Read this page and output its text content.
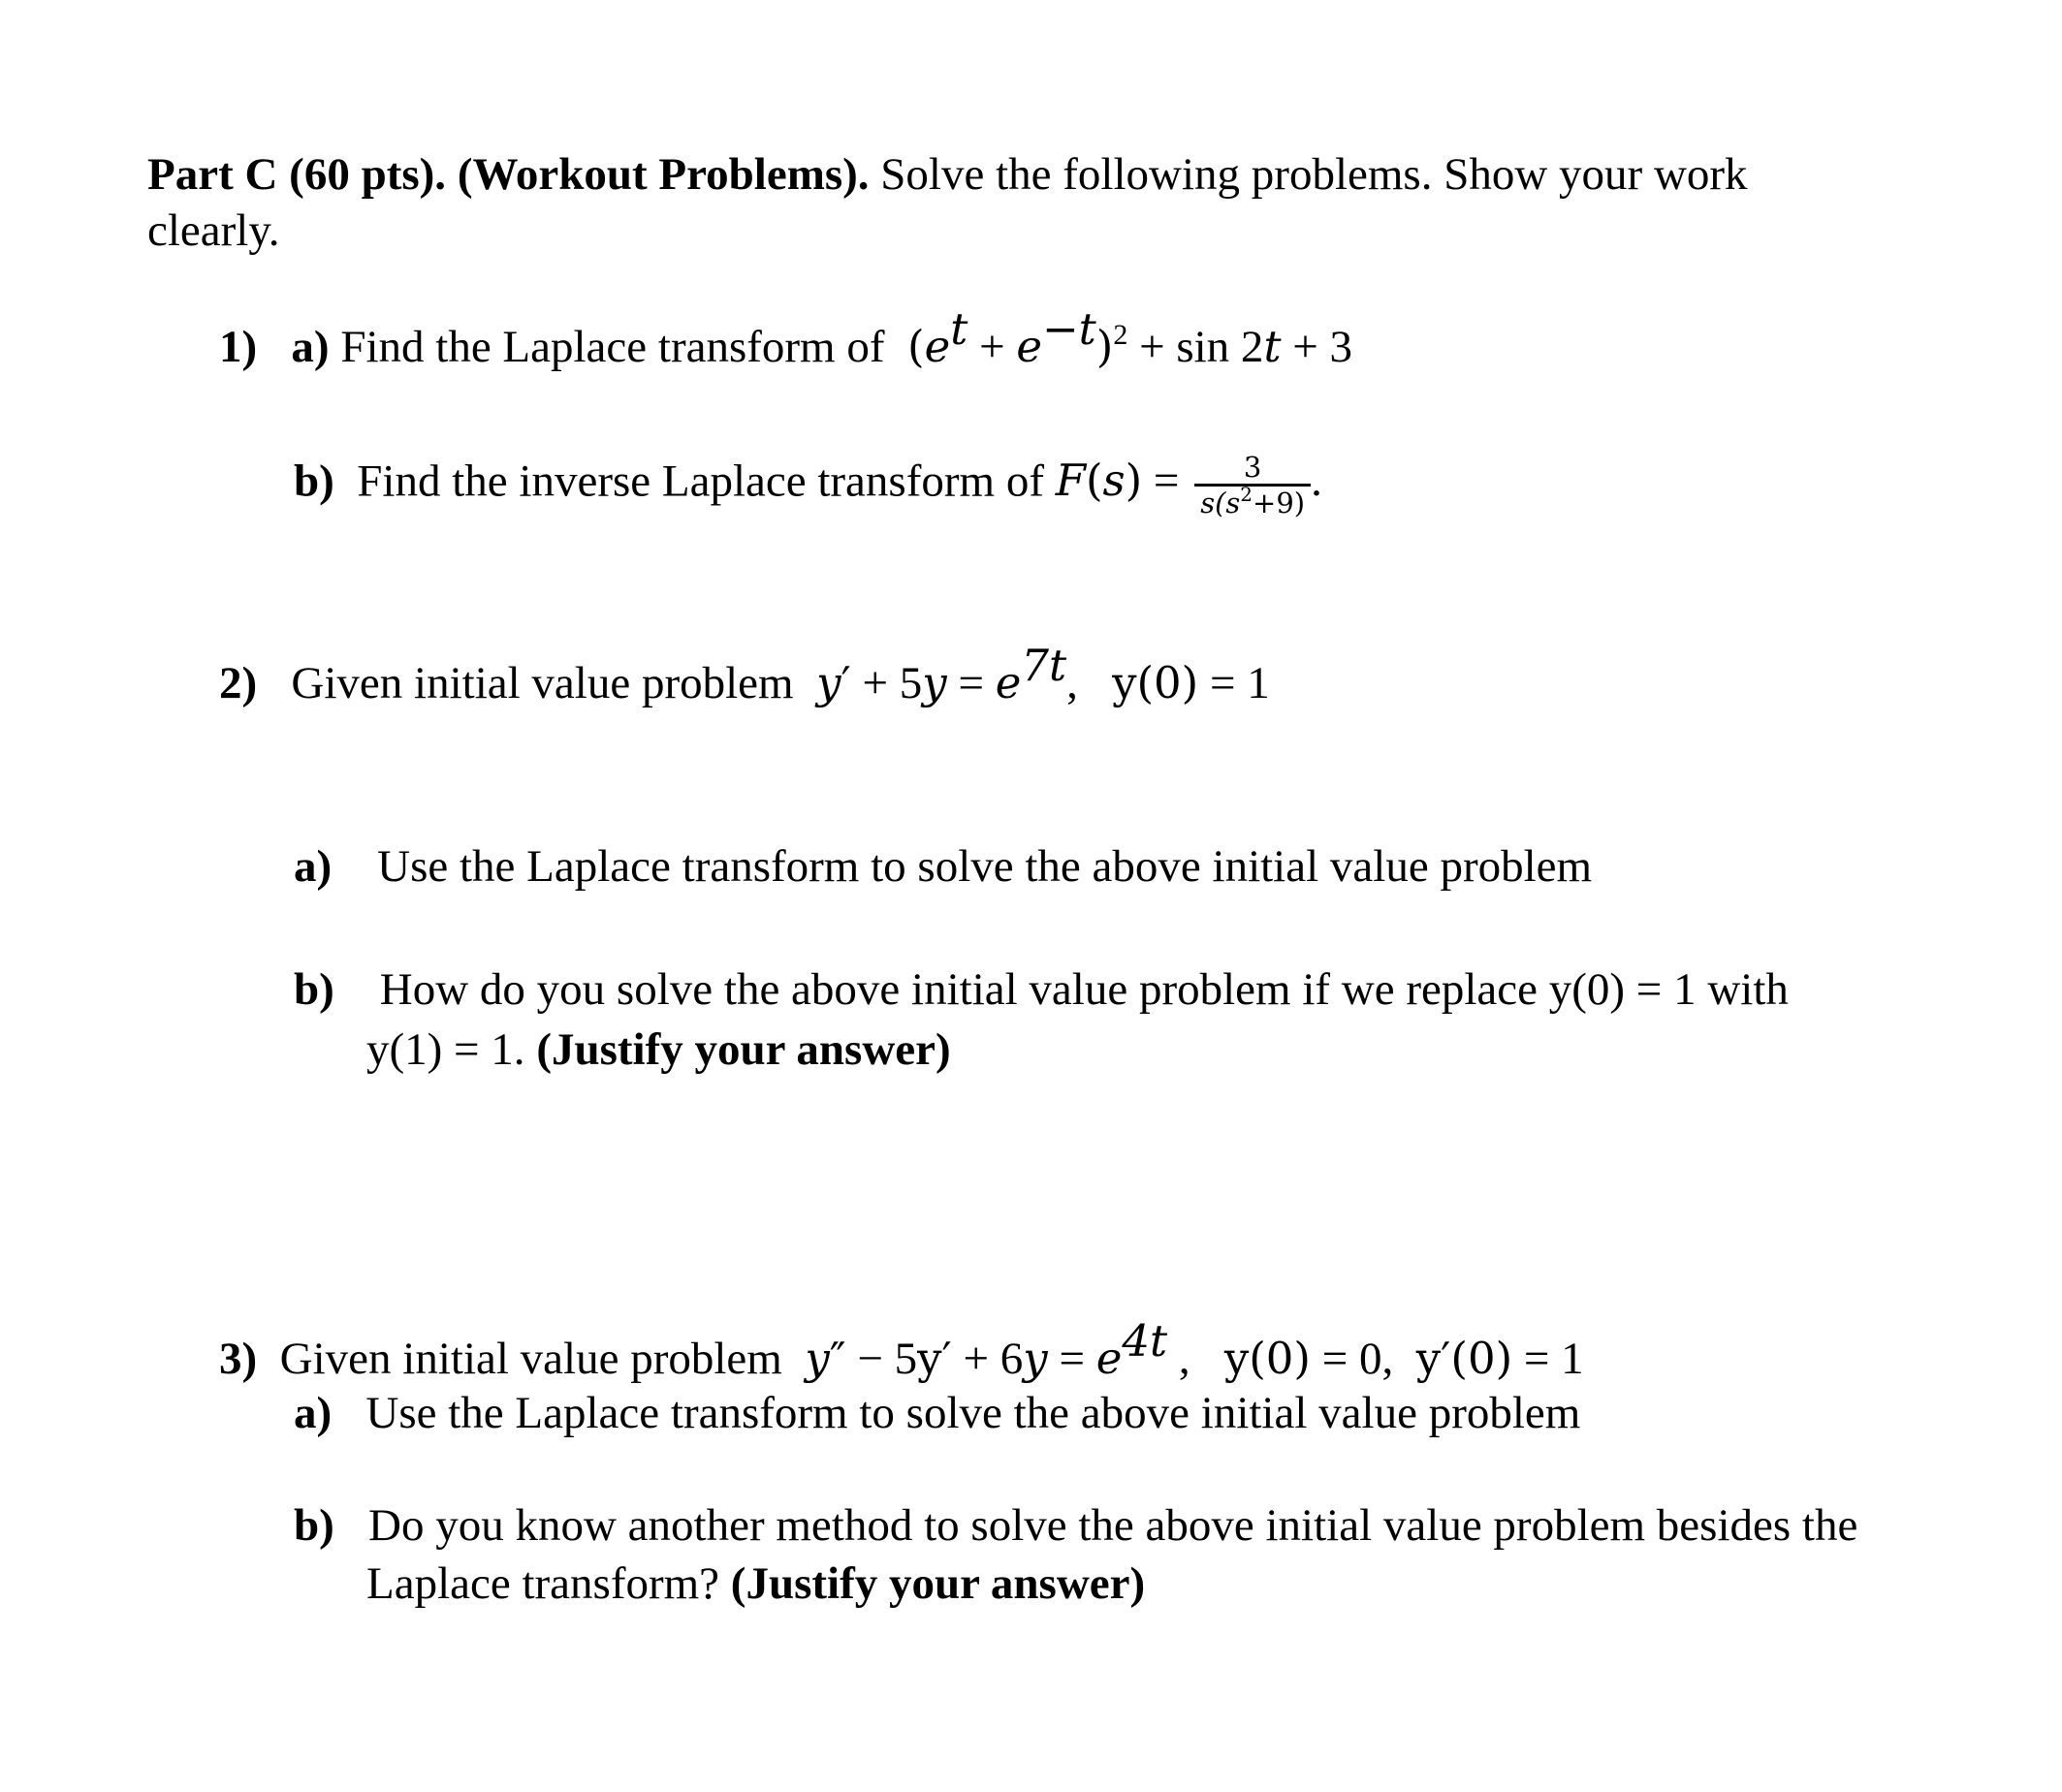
Part C (60 pts). (Workout Problems). Solve the following problems. Show your work
clearly.
1) a) Find the Laplace transform of $(e^t + e^{-t})^2 + \sin 2t + 3$
b) Find the inverse Laplace transform of $F(s) = \frac{3}{s(s^2+9)}$ .
2) Given initial value problem $y' + 5y = e^{7t}$,   y(0) = 1
a) Use the Laplace transform to solve the above initial value problem
b) How do you solve the above initial value problem if we replace y(0) = 1 with
y(1) = 1. (Justify your answer)
3) Given initial value problem $y'' - 5y' + 6y = e^{4t}$ ,   y(0) = 0,  y′(0) = 1
a) Use the Laplace transform to solve the above initial value problem
b) Do you know another method to solve the above initial value problem besides the
Laplace transform? (Justify your answer)
